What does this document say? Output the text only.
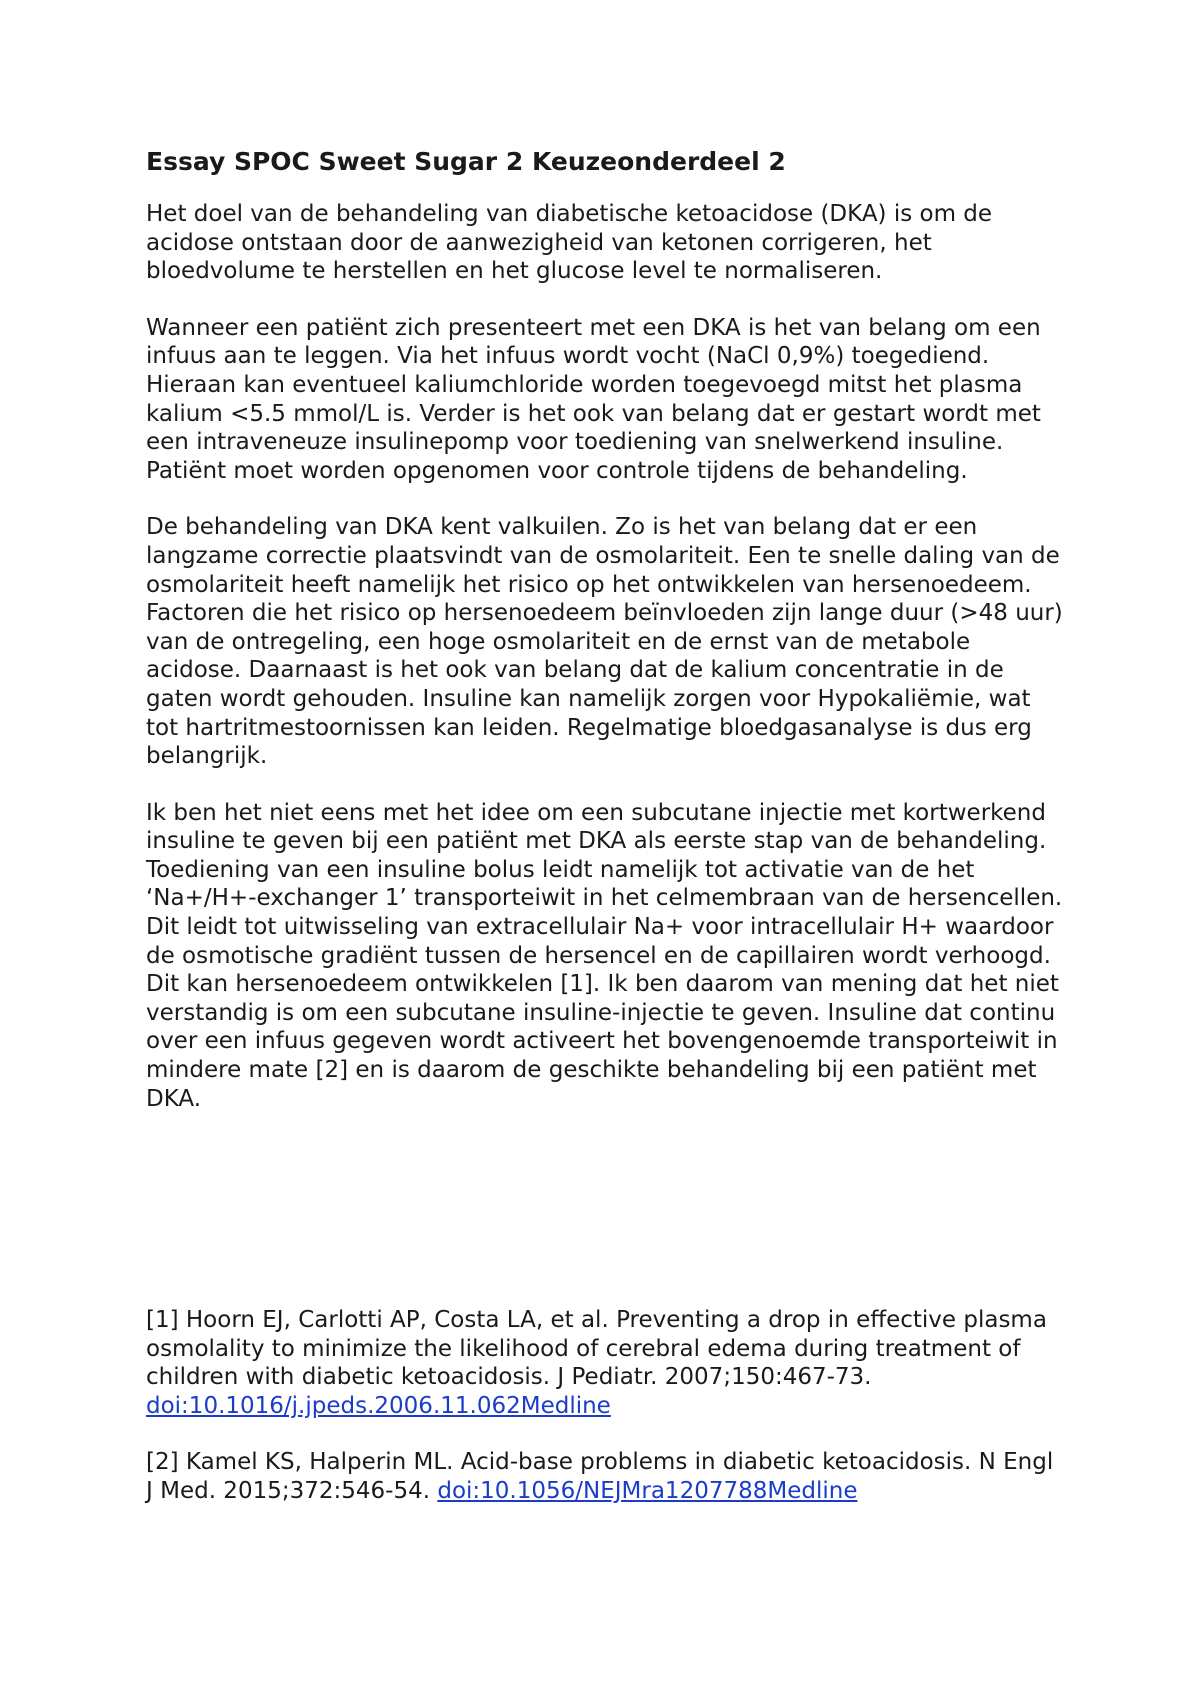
Essay SPOC Sweet Sugar 2 Keuzeonderdeel 2

Het doel van de behandeling van diabetische ketoacidose (DKA) is om de acidose ontstaan door de aanwezigheid van ketonen corrigeren, het bloedvolume te herstellen en het glucose level te normaliseren.

Wanneer een patiënt zich presenteert met een DKA is het van belang om een infuus aan te leggen. Via het infuus wordt vocht (NaCl 0,9%) toegediend. Hieraan kan eventueel kaliumchloride worden toegevoegd mitst het plasma kalium <5.5 mmol/L is. Verder is het ook van belang dat er gestart wordt met een intraveneuze insulinepomp voor toediening van snelwerkend insuline. Patiënt moet worden opgenomen voor controle tijdens de behandeling.

De behandeling van DKA kent valkuilen. Zo is het van belang dat er een langzame correctie plaatsvindt van de osmolariteit. Een te snelle daling van de osmolariteit heeft namelijk het risico op het ontwikkelen van hersenoedeem. Factoren die het risico op hersenoedeem beïnvloeden zijn lange duur (>48 uur) van de ontregeling, een hoge osmolariteit en de ernst van de metabole acidose. Daarnaast is het ook van belang dat de kalium concentratie in de gaten wordt gehouden. Insuline kan namelijk zorgen voor Hypokaliëmie, wat tot hartritmestoornissen kan leiden. Regelmatige bloedgasanalyse is dus erg belangrijk.

Ik ben het niet eens met het idee om een subcutane injectie met kortwerkend insuline te geven bij een patiënt met DKA als eerste stap van de behandeling. Toediening van een insuline bolus leidt namelijk tot activatie van de het ‘Na+/H+-exchanger 1’ transporteiwit in het celmembraan van de hersencellen. Dit leidt tot uitwisseling van extracellulair Na+ voor intracellulair H+ waardoor de osmotische gradiënt tussen de hersencel en de capillairen wordt verhoogd. Dit kan hersenoedeem ontwikkelen [1]. Ik ben daarom van mening dat het niet verstandig is om een subcutane insuline-injectie te geven. Insuline dat continu over een infuus gegeven wordt activeert het bovengenoemde transporteiwit in mindere mate [2] en is daarom de geschikte behandeling bij een patiënt met DKA.

[1] Hoorn EJ, Carlotti AP, Costa LA, et al. Preventing a drop in effective plasma osmolality to minimize the likelihood of cerebral edema during treatment of children with diabetic ketoacidosis. J Pediatr. 2007;150:467-73. doi:10.1016/j.jpeds.2006.11.062Medline

[2] Kamel KS, Halperin ML. Acid-base problems in diabetic ketoacidosis. N Engl J Med. 2015;372:546-54. doi:10.1056/NEJMra1207788Medline
